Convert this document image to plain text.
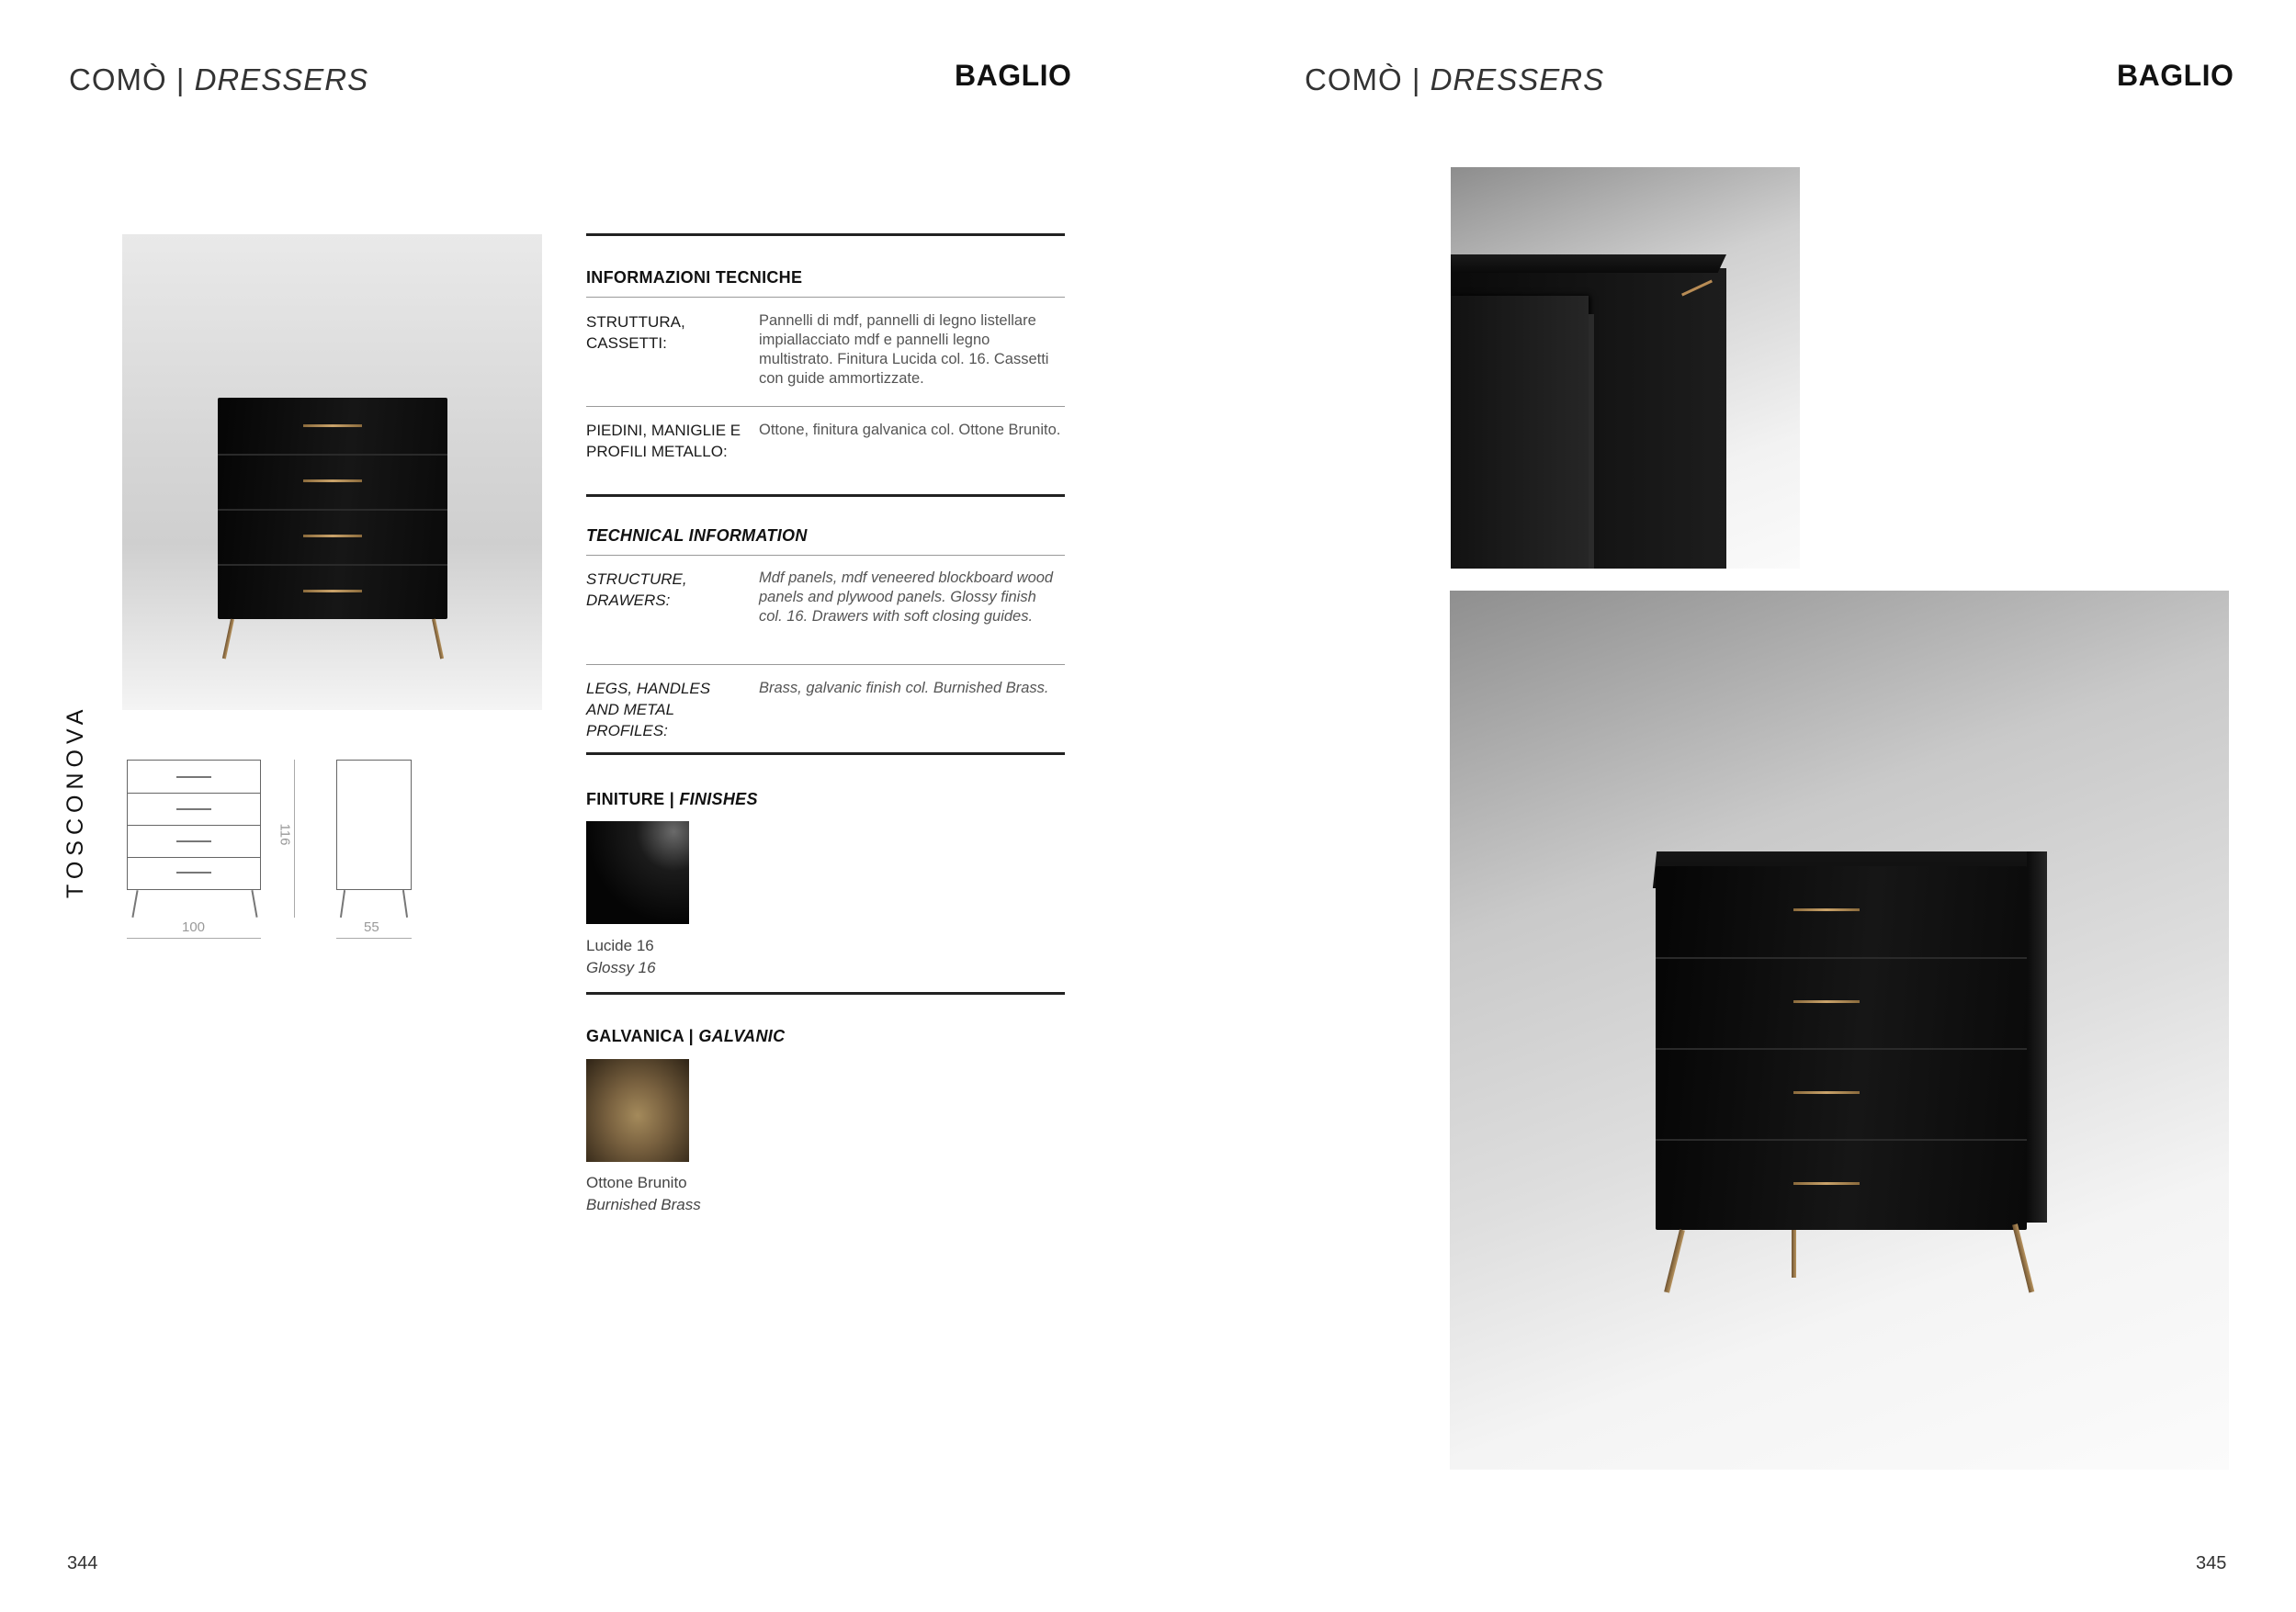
COMÒ | DRESSERS	BAGLIO
TOSCONOVA
100
116
55
INFORMAZIONI TECNICHE
STRUTTURA, CASSETTI:
Pannelli di mdf, pannelli di legno listellare impiallacciato mdf e pannelli legno multistrato. Finitura Lucida col. 16. Cassetti con guide ammortizzate.
PIEDINI, MANIGLIE E PROFILI METALLO:
Ottone, finitura galvanica col. Ottone Brunito.
TECHNICAL INFORMATION
STRUCTURE, DRAWERS:
Mdf panels, mdf veneered blockboard wood panels and plywood panels. Glossy finish col. 16. Drawers with soft closing guides.
LEGS, HANDLES AND METAL PROFILES:
Brass, galvanic finish col. Burnished Brass.
FINITURE | FINISHES
Lucide 16
Glossy 16
GALVANICA | GALVANIC
Ottone Brunito
Burnished Brass
344
COMÒ | DRESSERS	BAGLIO
345
